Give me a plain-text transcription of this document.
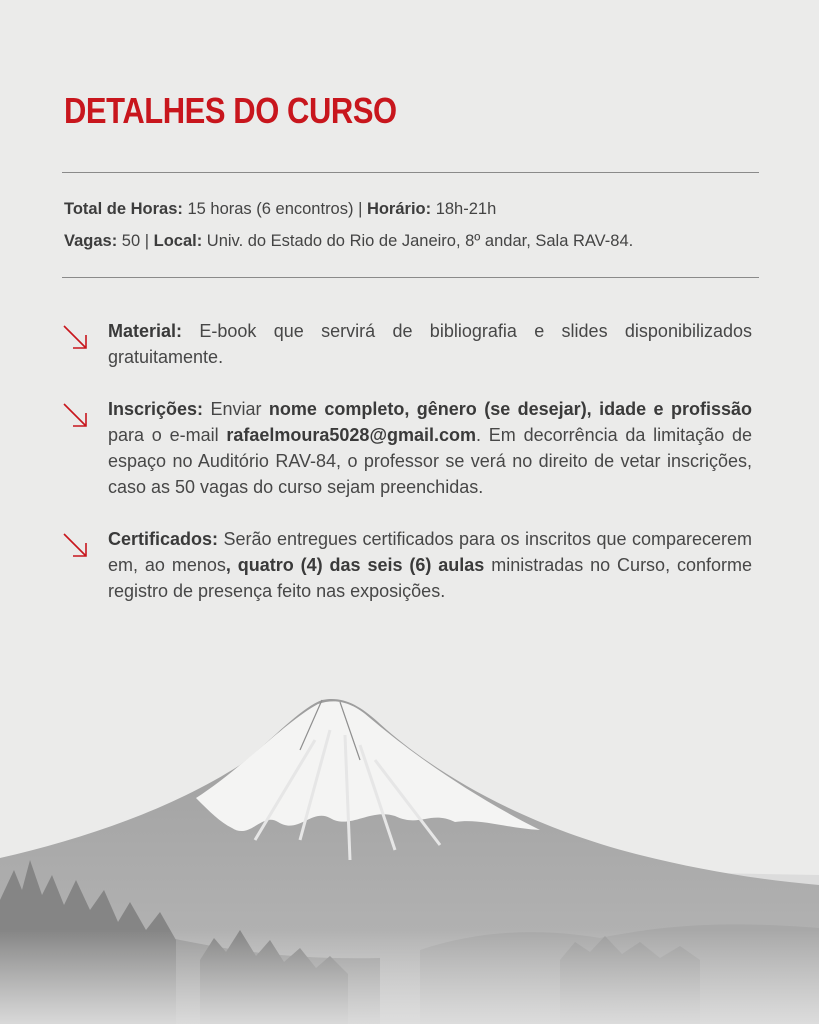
DETALHES DO CURSO
Total de Horas: 15 horas (6 encontros) | Horário: 18h-21h
Vagas: 50 | Local: Univ. do Estado do Rio de Janeiro, 8º andar, Sala RAV-84.
Material: E-book que servirá de bibliografia e slides disponibilizados gratuitamente.
Inscrições: Enviar nome completo, gênero (se desejar), idade e profissão para o e-mail rafaelmoura5028@gmail.com. Em decorrência da limitação de espaço no Auditório RAV-84, o professor se verá no direito de vetar inscrições, caso as 50 vagas do curso sejam preenchidas.
Certificados: Serão entregues certificados para os inscritos que comparecerem em, ao menos, quatro (4) das seis (6) aulas ministradas no Curso, conforme registro de presença feito nas exposições.
